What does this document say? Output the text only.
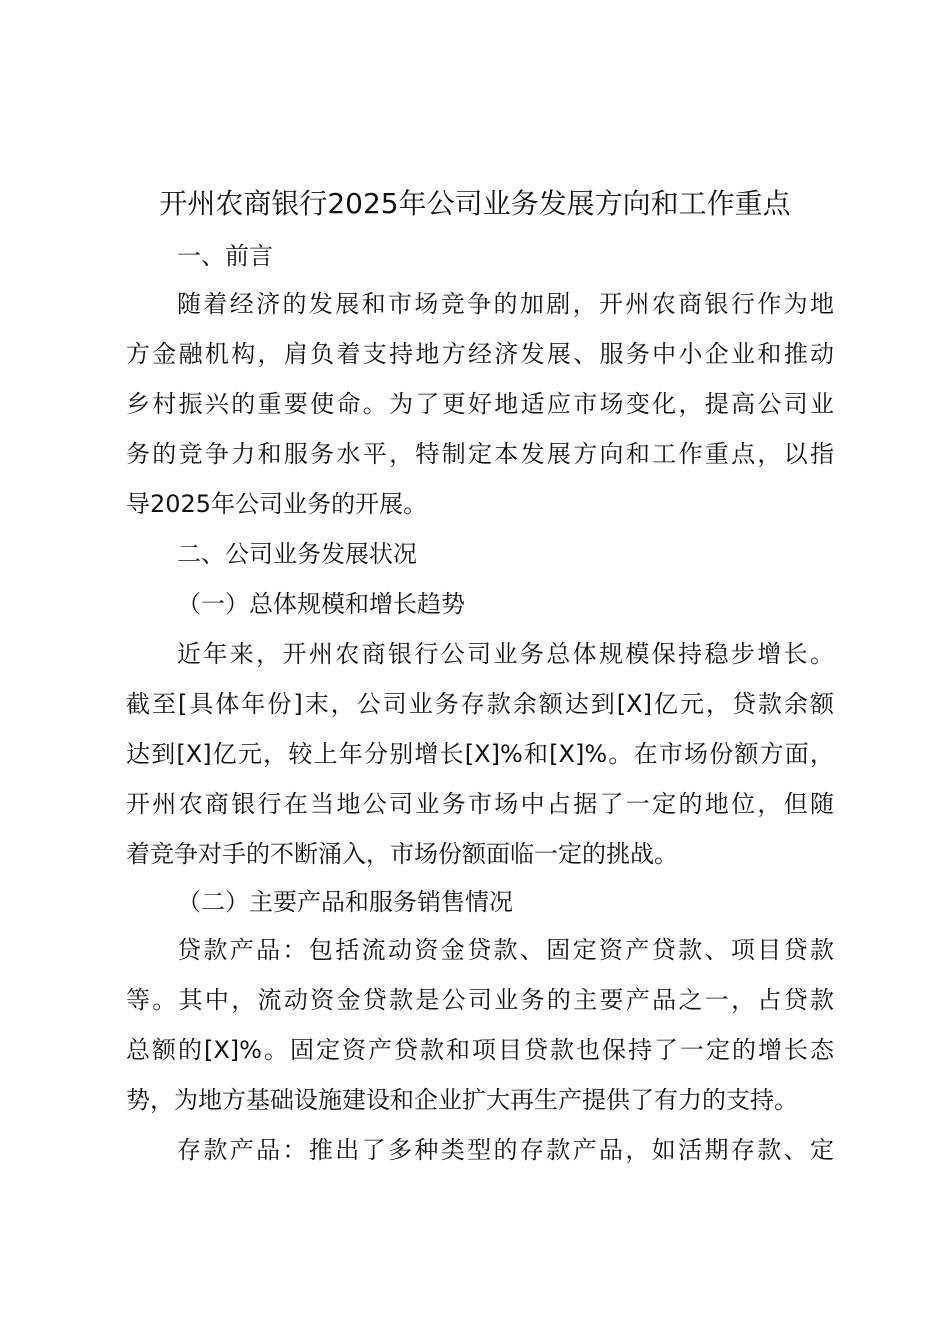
开州农商银行2025年公司业务发展方向和工作重点
一、前言
随着经济的发展和市场竞争的加剧，开州农商银行作为地
方金融机构，肩负着支持地方经济发展、服务中小企业和推动
乡村振兴的重要使命。为了更好地适应市场变化，提高公司业
务的竞争力和服务水平，特制定本发展方向和工作重点，以指
导2025年公司业务的开展。
二、公司业务发展状况
（一）总体规模和增长趋势
近年来，开州农商银行公司业务总体规模保持稳步增长。
截至[具体年份]末，公司业务存款余额达到[X]亿元，贷款余额
达到[X]亿元，较上年分别增长[X]%和[X]%。在市场份额方面，
开州农商银行在当地公司业务市场中占据了一定的地位，但随
着竞争对手的不断涌入，市场份额面临一定的挑战。
（二）主要产品和服务销售情况
贷款产品：包括流动资金贷款、固定资产贷款、项目贷款
等。其中，流动资金贷款是公司业务的主要产品之一，占贷款
总额的[X]%。固定资产贷款和项目贷款也保持了一定的增长态
势，为地方基础设施建设和企业扩大再生产提供了有力的支持。
存款产品：推出了多种类型的存款产品，如活期存款、定
